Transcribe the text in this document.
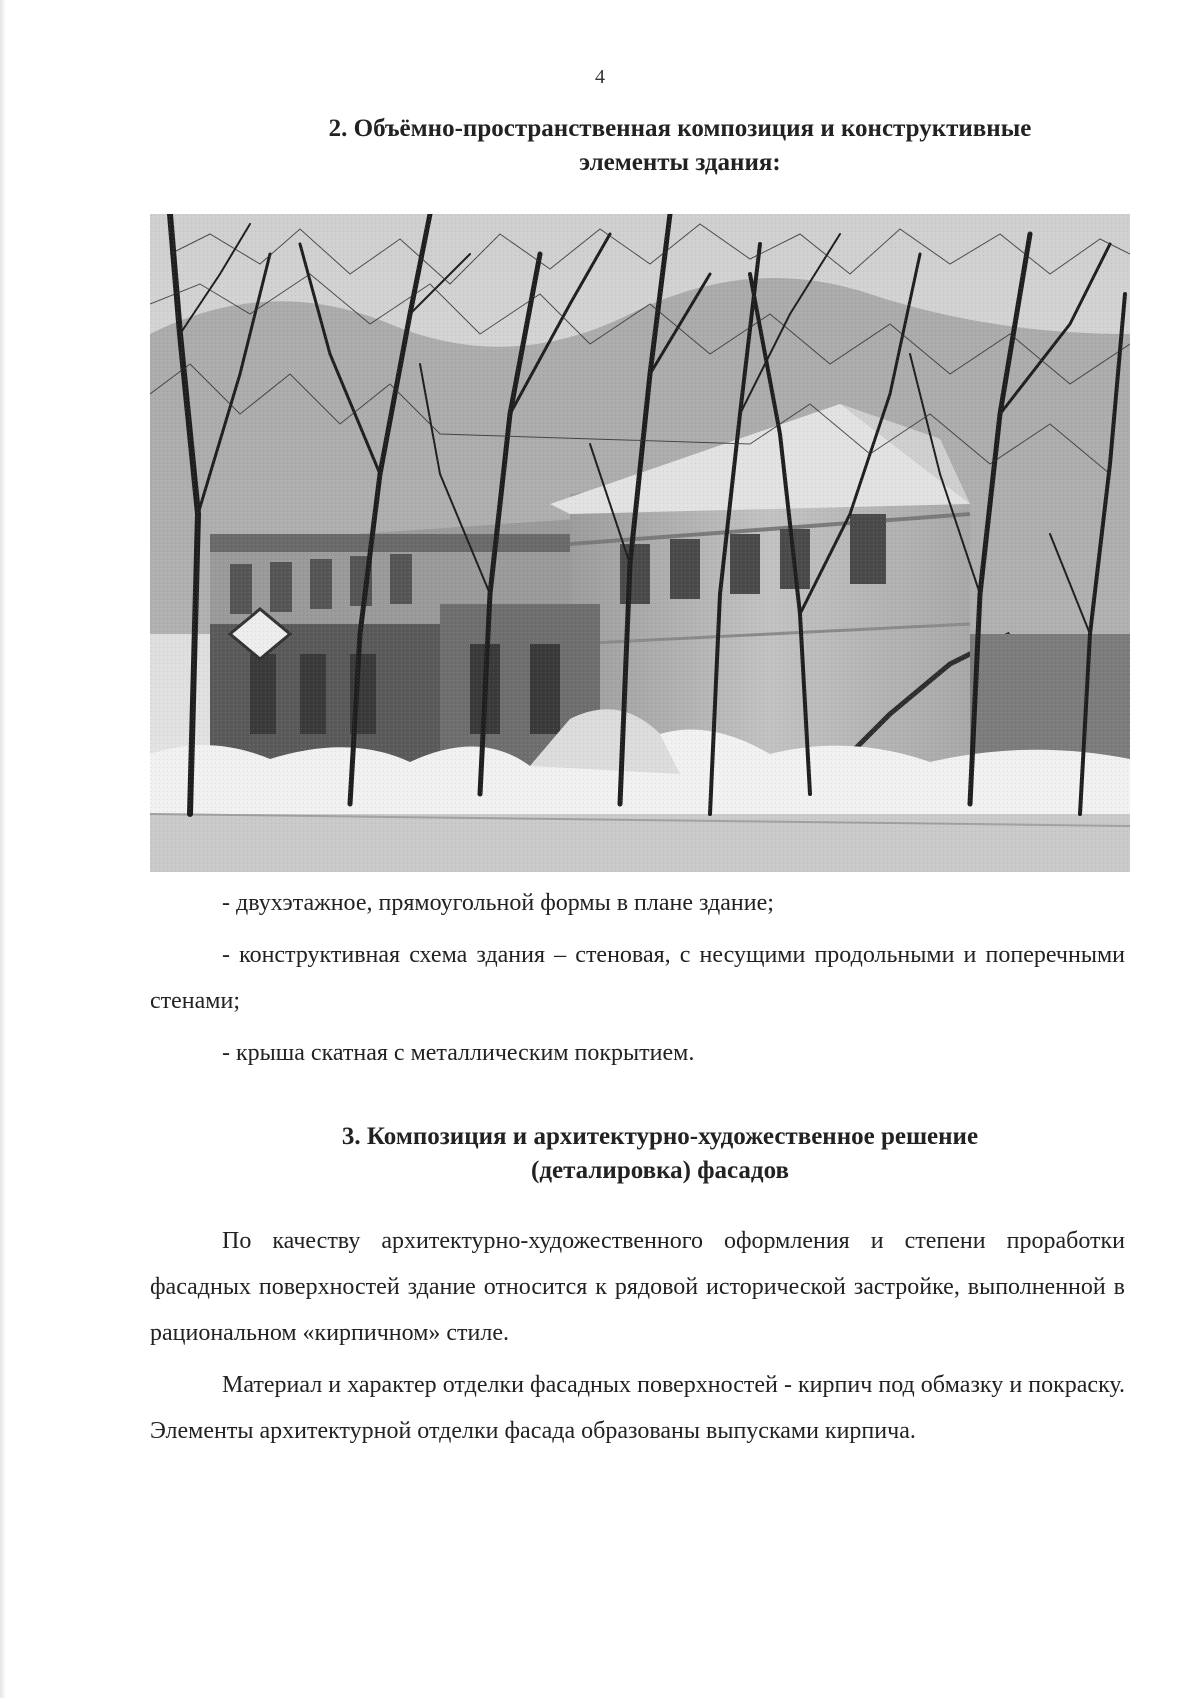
4
2. Объёмно-пространственная композиция и конструктивные
элементы здания:
- двухэтажное, прямоугольной формы в плане здание;
- конструктивная схема здания – стеновая, с несущими продольными и поперечными стенами;
- крыша скатная с металлическим покрытием.
3. Композиция и архитектурно-художественное решение
(деталировка) фасадов
По качеству архитектурно-художественного оформления и степени проработки фасадных поверхностей здание относится к рядовой исторической застройке, выполненной в рациональном «кирпичном» стиле.
Материал и характер отделки фасадных поверхностей - кирпич под обмазку и покраску. Элементы архитектурной отделки фасада образованы выпусками кирпича.
